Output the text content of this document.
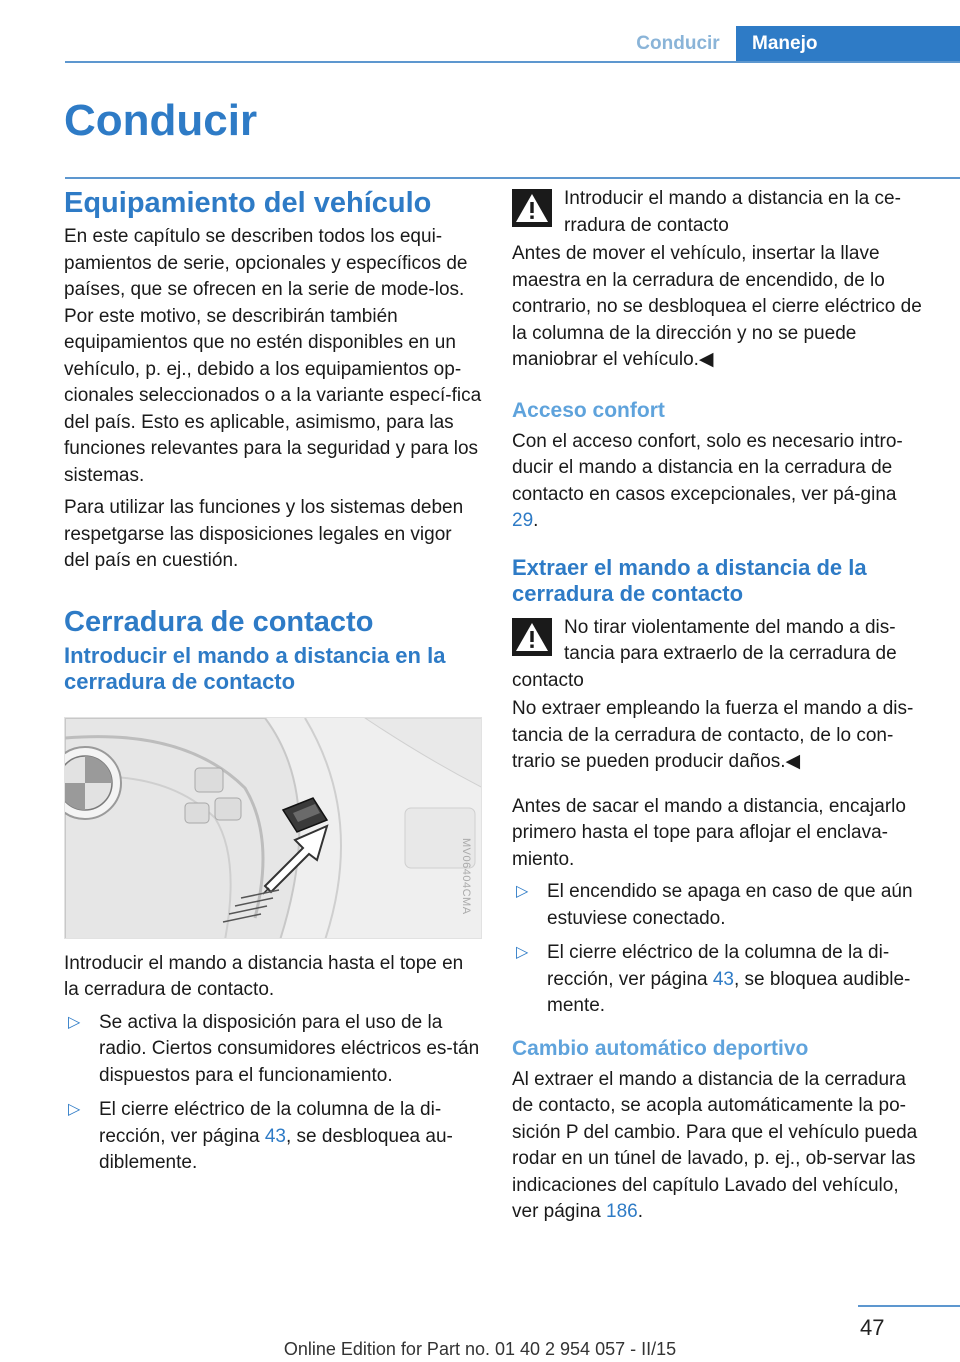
Conducir	Manejo
Conducir
Equipamiento del vehículo

En este capítulo se describen todos los equi‐pamientos de serie, opcionales y específicos de países, que se ofrecen en la serie de mode‐los. Por este motivo, se describirán también equipamientos que no estén disponibles en un vehículo, p. ej., debido a los equipamientos op‐cionales seleccionados o a la variante especí‐fica del país. Esto es aplicable, asimismo, para las funciones relevantes para la seguridad y para los sistemas.

Para utilizar las funciones y los sistemas deben respetgarse las disposiciones legales en vigor del país en cuestión.

Cerradura de contacto
Introducir el mando a distancia en la cerradura de contacto
MV06404CMA

Introducir el mando a distancia hasta el tope en la cerradura de contacto.

▷ Se activa la disposición para el uso de la radio. Ciertos consumidores eléctricos es‐tán dispuestos para el funcionamiento.
▷ El cierre eléctrico de la columna de la di‐rección, ver página 43, se desbloquea au‐diblemente.
Introducir el mando a distancia en la ce‐rradura de contacto

Antes de mover el vehículo, insertar la llave maestra en la cerradura de encendido, de lo contrario, no se desbloquea el cierre eléctrico de la columna de la dirección y no se puede maniobrar el vehículo.◀

Acceso confort

Con el acceso confort, solo es necesario intro‐ducir el mando a distancia en la cerradura de contacto en casos excepcionales, ver pá‐gina 29.

Extraer el mando a distancia de la cerradura de contacto
No tirar violentamente del mando a dis‐tancia para extraerlo de la cerradura de
contacto

No extraer empleando la fuerza el mando a dis‐tancia de la cerradura de contacto, de lo con‐trario se pueden producir daños.◀

Antes de sacar el mando a distancia, encajarlo primero hasta el tope para aflojar el enclava‐miento.

▷ El encendido se apaga en caso de que aún estuviese conectado.
▷ El cierre eléctrico de la columna de la di‐rección, ver página 43, se bloquea audible‐mente.
Cambio automático deportivo

Al extraer el mando a distancia de la cerradura de contacto, se acopla automáticamente la po‐sición P del cambio. Para que el vehículo pueda rodar en un túnel de lavado, p. ej., ob‐servar las indicaciones del capítulo Lavado del vehículo, ver página 186.

47
Online Edition for Part no. 01 40 2 954 057 - II/15
